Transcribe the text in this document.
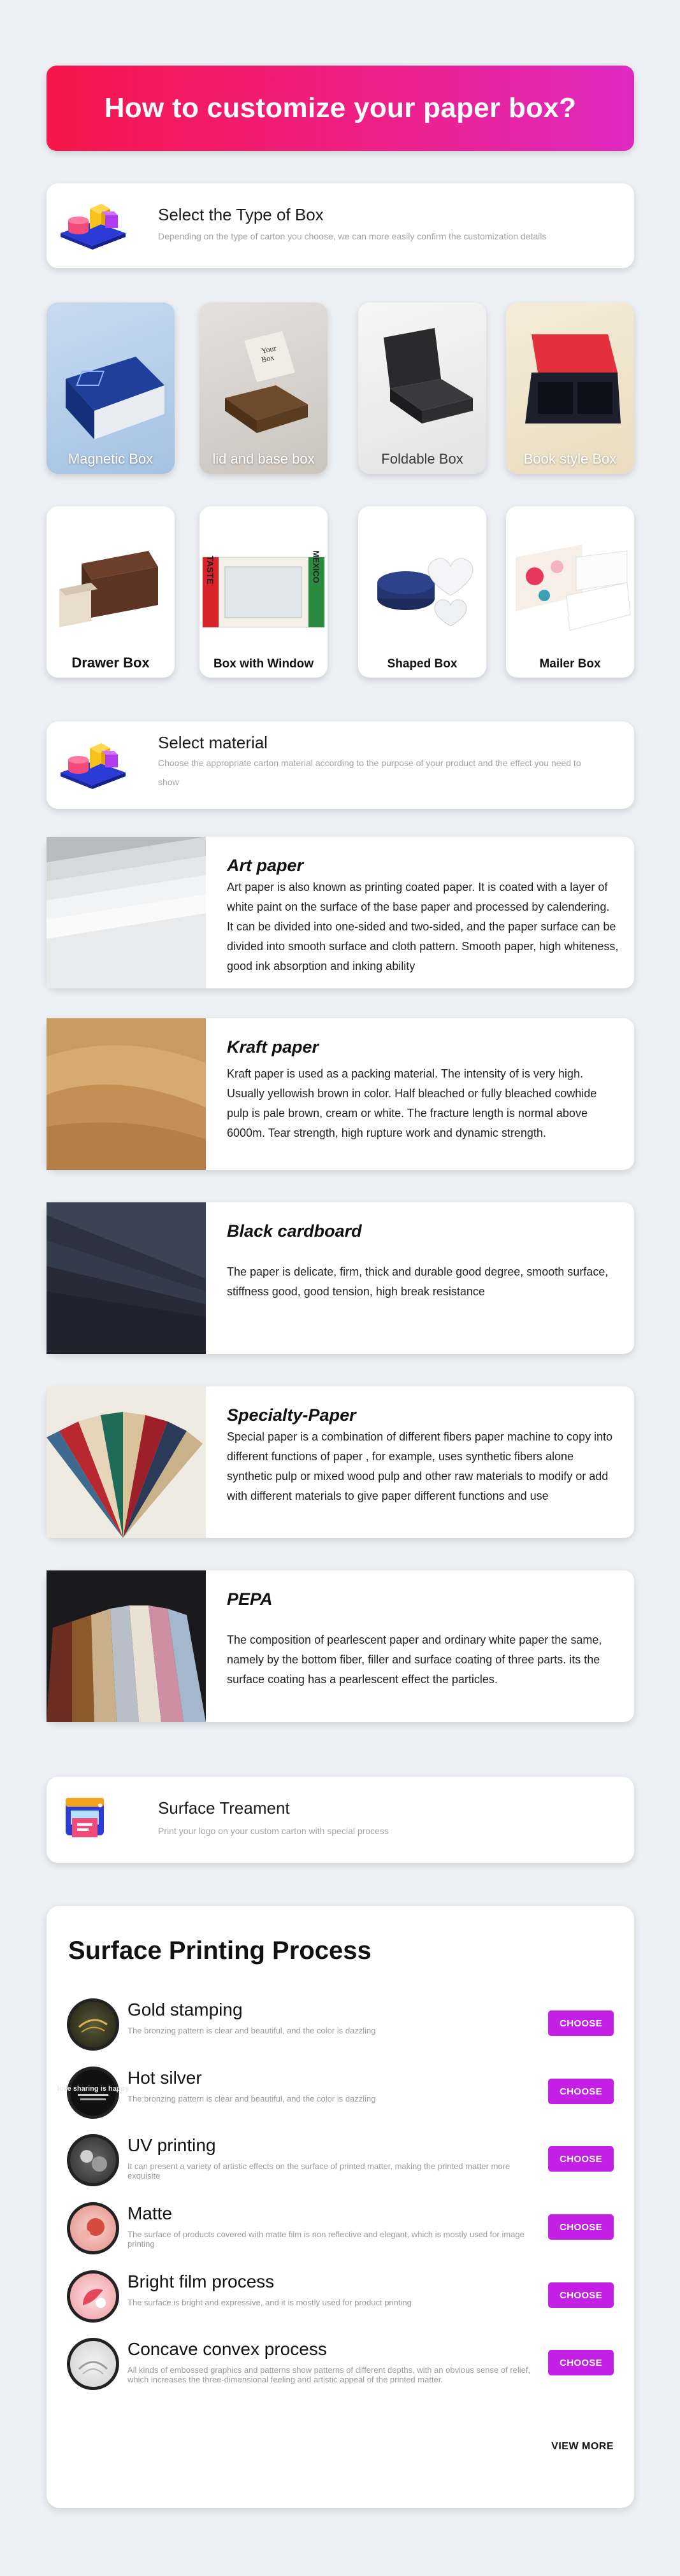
How to customize your paper box?
Select the Type of Box
Depending on the type of carton you choose, we can more easily confirm the customization details
Magnetic Box
Your
Box
lid and base box	Foldable Box	Book style Box
Drawer Box
TASTE	MEXICO
Box with Window	Shaped Box	Mailer Box
Select material
Choose the appropriate carton material according to the purpose of your product and the effect you need to show
Art paper
Art paper is also known as printing coated paper. It is coated with a layer of white paint on the surface of the base paper and processed by calendering. It can be divided into one-sided and two-sided, and the paper surface can be divided into smooth surface and cloth pattern. Smooth paper, high whiteness, good ink absorption and inking ability
Kraft paper
Kraft paper is used as a packing material. The intensity of is very high. Usually yellowish brown in color. Half bleached or fully bleached cowhide pulp is pale brown, cream or white. The fracture length is normal above 6000m. Tear strength, high rupture work and dynamic strength.
Black cardboard
The paper is delicate, firm, thick and durable good degree, smooth surface, stiffness good, good tension, high break resistance
Specialty-Paper
Special paper is a combination of different fibers paper machine to copy into different functions of paper , for example, uses synthetic fibers alone synthetic pulp or mixed wood pulp and other raw materials to modify or add with different materials to give paper different functions and use
PEPA
The composition of pearlescent paper and ordinary white paper the same, namely by the bottom fiber, filler and surface coating of three parts. its the surface coating has a pearlescent effect the particles.
Surface Treament
Print your logo on your custom carton with special process
Surface Printing Process
Gold stamping
The bronzing pattern is clear and beautiful, and the color is dazzling
CHOOSE
love sharing is happy
Hot silver
The bronzing pattern is clear and beautiful, and the color is dazzling
CHOOSE
UV printing
It can present a variety of artistic effects on the surface of printed matter, making the printed matter more exquisite
CHOOSE
Matte
The surface of products covered with matte film is non reflective and elegant, which is mostly used for image printing
CHOOSE
Bright film process
The surface is bright and expressive, and it is mostly used for product printing
CHOOSE
Concave convex process
All kinds of embossed graphics and patterns show patterns of different depths, with an obvious sense of relief, which increases the three-dimensional feeling and artistic appeal of the printed matter.
CHOOSE
VIEW MORE
